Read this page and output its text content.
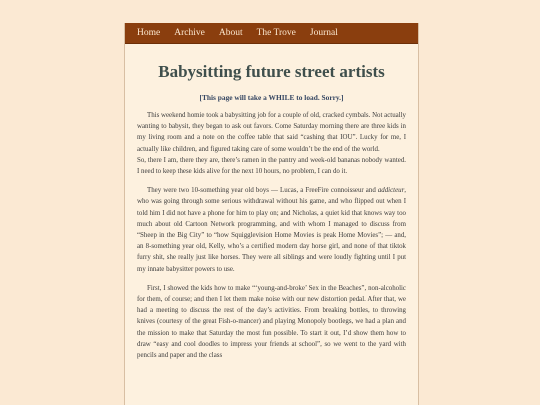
Home Archive About The Trove Journal
Babysitting future street artists
[This page will take a WHILE to load. Sorry.]

This weekend homie took a babysitting job for a couple of old, cracked cymbals. Not actually wanting to babysit, they began to ask out favors. Come Saturday morning there are three kids in my living room and a note on the coffee table that said “cashing that IOU”. Lucky for me, I actually like children, and figured taking care of some wouldn’t be the end of the world.

So, there I am, there they are, there’s ramen in the pantry and week-old bananas nobody wanted. I need to keep these kids alive for the next 10 hours, no problem, I can do it.

They were two 10-something year old boys — Lucas, a FreeFire connoisseur and addicteur, who was going through some serious withdrawal without his game, and who flipped out when I told him I did not have a phone for him to play on; and Nicholas, a quiet kid that knows way too much about old Cartoon Network programming, and with whom I managed to discuss from “Sheep in the Big City” to “how Squigglevision Home Movies is peak Home Movies”; — and, an 8-something year old, Kelly, who’s a certified modern day horse girl, and none of that tiktok furry shit, she really just like horses. They were all siblings and were loudly fighting until I put my innate babysitter powers to use.

First, I showed the kids how to make “‘young-and-broke’ Sex in the Beaches”, non-alcoholic for them, of course; and then I let them make noise with our new distortion pedal. After that, we had a meeting to discuss the rest of the day’s activities. From breaking bottles, to throwing knives (courtesy of the great Fish-o-mancer) and playing Monopoly bootlegs, we had a plan and the mission to make that Saturday the most fun possible. To start it out, I’d show them how to draw “easy and cool doodles to impress your friends at school”, so we went to the yard with pencils and paper and the class
